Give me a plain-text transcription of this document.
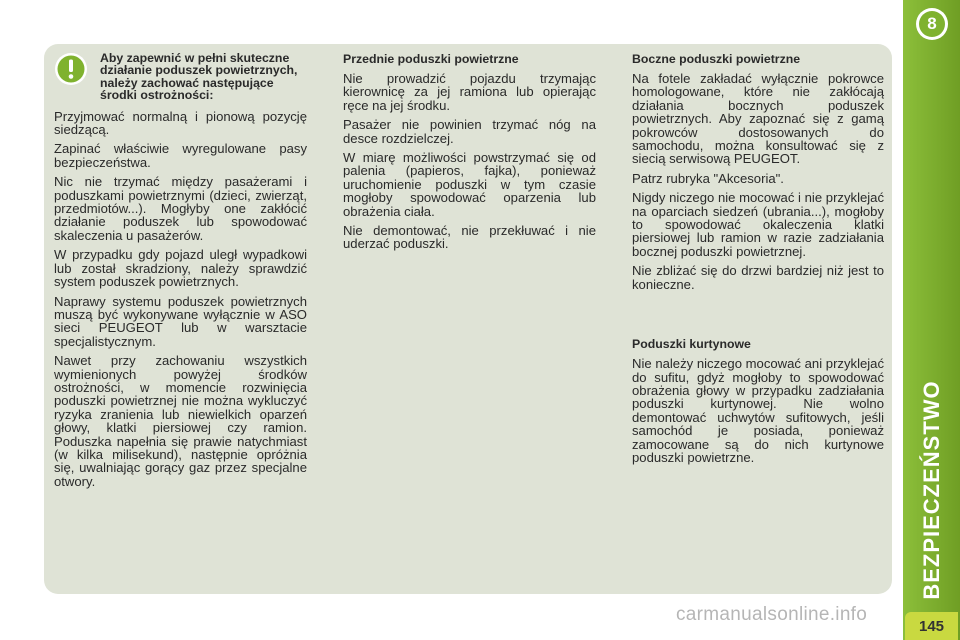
Aby zapewnić w pełni skuteczne działanie poduszek powietrznych, należy zachować następujące środki ostrożności:

Przyjmować normalną i pionową pozycję siedzącą.

Zapinać właściwie wyregulowane pasy bezpieczeństwa.

Nic nie trzymać między pasażerami i poduszkami powietrznymi (dzieci, zwierząt, przedmiotów...). Mogłyby one zakłócić działanie poduszek lub spowodować skaleczenia u pasażerów.

W przypadku gdy pojazd uległ wypadkowi lub został skradziony, należy sprawdzić system poduszek powietrznych.

Naprawy systemu poduszek powietrznych muszą być wykonywane wyłącznie w ASO sieci PEUGEOT lub w warsztacie specjalistycznym.

Nawet przy zachowaniu wszystkich wymienionych powyżej środków ostrożności, w momencie rozwinięcia poduszki powietrznej nie można wykluczyć ryzyka zranienia lub niewielkich oparzeń głowy, klatki piersiowej czy ramion. Poduszka napełnia się prawie natychmiast (w kilka milisekund), następnie opróżnia się, uwalniając gorący gaz przez specjalne otwory.

Przednie poduszki powietrzne

Nie prowadzić pojazdu trzymając kierownicę za jej ramiona lub opierając ręce na jej środku.

Pasażer nie powinien trzymać nóg na desce rozdzielczej.

W miarę możliwości powstrzymać się od palenia (papieros, fajka), ponieważ uruchomienie poduszki w tym czasie mogłoby spowodować oparzenia lub obrażenia ciała.

Nie demontować, nie przekłuwać i nie uderzać poduszki.

Boczne poduszki powietrzne

Na fotele zakładać wyłącznie pokrowce homologowane, które nie zakłócają działania bocznych poduszek powietrznych. Aby zapoznać się z gamą pokrowców dostosowanych do samochodu, można konsultować się z siecią serwisową PEUGEOT.

Patrz rubryka "Akcesoria".

Nigdy niczego nie mocować i nie przyklejać na oparciach siedzeń (ubrania...), mogłoby to spowodować okaleczenia klatki piersiowej lub ramion w razie zadziałania bocznej poduszki powietrznej.

Nie zbliżać się do drzwi bardziej niż jest to konieczne.

Poduszki kurtynowe

Nie należy niczego mocować ani przyklejać do sufitu, gdyż mogłoby to spowodować obrażenia głowy w przypadku zadziałania poduszki kurtynowej. Nie wolno demontować uchwytów sufitowych, jeśli samochód je posiada, ponieważ zamocowane są do nich kurtynowe poduszki powietrzne.

8
BEZPIECZEŃSTWO
145
carmanualsonline.info
